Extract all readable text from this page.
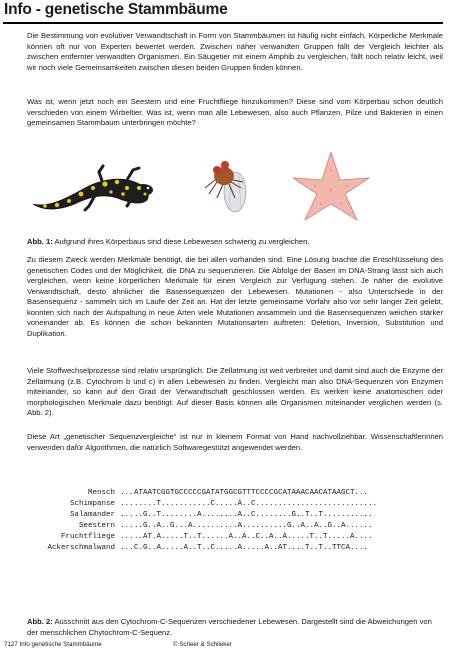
Info - genetische Stammbäume

Die Bestimmung von evolutiver Verwandtschaft in Form von Stammbäumen ist häufig nicht einfach. Körperliche Merkmale können oft nur von Experten bewertet werden. Zwischen näher verwandten Gruppen fällt der Vergleich leichter als zwischen entfernter verwandten Organismen. Ein Säugetier mit einem Amphib zu vergleichen, fällt noch relativ leicht, weil wir noch viele Gemeinsamkeiten zwischen diesen beiden Gruppen finden können.

Was ist, wenn jetzt noch ein Seestern und eine Fruchtfliege hinzukommen? Diese sind vom Körperbau schon deutlich verschieden von einem Wirbeltier. Was ist, wenn man alle Lebewesen, also auch Pflanzen, Pilze und Bakterien in einen gemeinsamen Stammbaum unterbringen möchte?

Abb. 1: Aufgrund ihres Körperbaus sind diese Lebewesen schwierig zu vergleichen.

Zu diesem Zweck werden Merkmale benötigt, die bei allen vorhanden sind. Eine Lösung brachte die Entschlüsselung des genetischen Codes und der Möglichkeit, die DNA zu sequenzieren. Die Abfolge der Basen im DNA-Strang lässt sich auch vergleichen, wenn keine körperlichen Merkmale für einen Vergleich zur Verfügung stehen. Je näher die evolutive Verwandtschaft, desto ähnlicher die Basensequenzen der Lebewesen. Mutationen - also Unterschiede in der Basensequenz - sammeln sich im Laufe der Zeit an. Hat der letzte gemeinsame Vorfahr also vor sehr langer Zeit gelebt, konnten sich nach der Aufspaltung in neue Arten viele Mutationen ansammeln und die Basensequenzen weichen stärker voneinander ab. Es können die schon bekannten Mutationsarten auftreten: Deletion, Inversion, Substitution und Duplikation.

Viele Stoffwechselprozesse sind relativ ursprünglich. Die Zellatmung ist weit verbreitet und damit sind auch die Enzyme der Zellatmung (z.B. Cytochrom b und c) in allen Lebewesen zu finden. Vergleicht man also DNA-Sequenzen von Enzymen miteinander, so kann auf den Grad der Verwandtschaft geschlossen werden. Es werken keine anatomischen oder morphologischen Merkmale dazu benötigt. Auf dieser Basis können alle Organismen miteinander verglichen werden (s. Abb. 2).

Diese Art „genetischer Sequenzvergleiche“ ist nur in kleinem Format von Hand nachvollziehbar. Wissenschaftlerinnen verwenden dafür Algorithmen, die natürlich Softwaregestützt angewendet werden.

Mensch ... ATAATCGGTGCCCCCGATATGGCGTTTCCCCGCATAAACAACATAAGCT ...
Schimpanse ... .....T...........C.....A..C........................ ...
Salamander ... ..G..T........A........A..C........G..T..T........ ...
Seestern ... ..G..A..G...A..........A..........G..A..A..G..A... ...
Fruchtfliege ... ..AT.A.....T..T......A..A..C..A..A.....T..T.....A. ...
Ackerschmalwand ... C.G..A.....A..T..C.....A.....A..AT....T..T..TTCA. ...

Abb. 2: Ausschnitt aus den Cytochrom-C-Sequenzen verschiedener Lebewesen. Dargestellt sind die Abweichungen von der menschlichen Chytochrom-C-Sequenz.

7127 Info genetische Stammbäume	© Scheer & Schlieker
